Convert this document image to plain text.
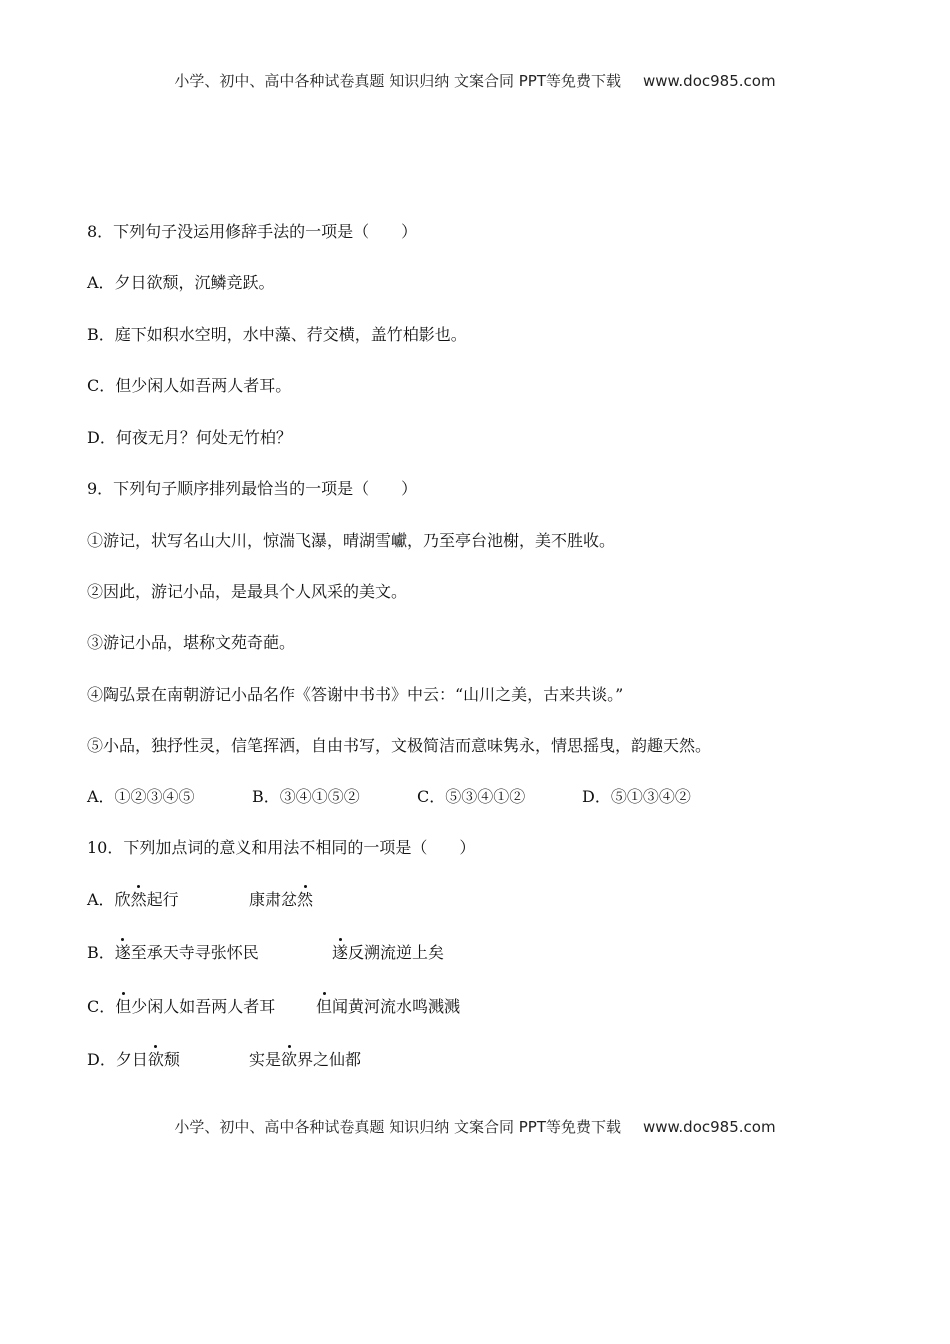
小学、初中、高中各种试卷真题 知识归纳 文案合同 PPT等免费下载 www.doc985.com
8．下列句子没运用修辞手法的一项是（　　）
A．夕日欲颓，沉鳞竞跃。
B．庭下如积水空明，水中藻、荇交横，盖竹柏影也。
C．但少闲人如吾两人者耳。
D．何夜无月？何处无竹柏？
9．下列句子顺序排列最恰当的一项是（　　）
①游记，状写名山大川，惊湍飞瀑，晴湖雪巘，乃至亭台池榭，美不胜收。
②因此，游记小品，是最具个人风采的美文。
③游记小品，堪称文苑奇葩。
④陶弘景在南朝游记小品名作《答谢中书书》中云：“山川之美，古来共谈。”
⑤小品，独抒性灵，信笔挥洒，自由书写，文极简洁而意味隽永，情思摇曳，韵趣天然。
A．①②③④⑤	B．③④①⑤②	C．⑤③④①②	D．⑤①③④②
10．下列加点词的意义和用法不相同的一项是（　　）
A．欣然起行	康肃忿然
B．遂至承天寺寻张怀民	遂反溯流逆上矣
C．但少闲人如吾两人者耳	但闻黄河流水鸣溅溅
D．夕日欲颓	实是欲界之仙都
小学、初中、高中各种试卷真题 知识归纳 文案合同 PPT等免费下载 www.doc985.com
